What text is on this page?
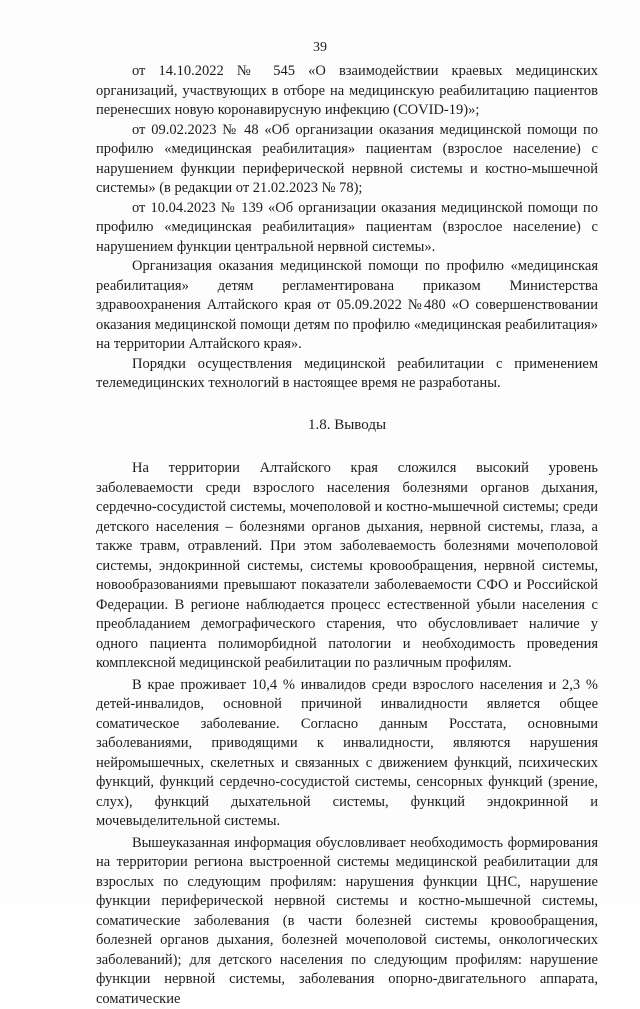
39

от 14.10.2022 № 545 «О взаимодействии краевых медицинских организаций, участвующих в отборе на медицинскую реабилитацию пациентов перенесших новую коронавирусную инфекцию (COVID-19)»;

от 09.02.2023 № 48 «Об организации оказания медицинской помощи по профилю «медицинская реабилитация» пациентам (взрослое население) с нарушением функции периферической нервной системы и костно-мышечной системы» (в редакции от 21.02.2023 № 78);

от 10.04.2023 № 139 «Об организации оказания медицинской помощи по профилю «медицинская реабилитация» пациентам (взрослое население) с нарушением функции центральной нервной системы».

Организация оказания медицинской помощи по профилю «медицинская реабилитация» детям регламентирована приказом Министерства здравоохранения Алтайского края от 05.09.2022 №480 «О совершенствовании оказания медицинской помощи детям по профилю «медицинская реабилитация» на территории Алтайского края».

Порядки осуществления медицинской реабилитации с применением телемедицинских технологий в настоящее время не разработаны.

1.8. Выводы

На территории Алтайского края сложился высокий уровень заболеваемости среди взрослого населения болезнями органов дыхания, сердечно-сосудистой системы, мочеполовой и костно-мышечной системы; среди детского населения – болезнями органов дыхания, нервной системы, глаза, а также травм, отравлений. При этом заболеваемость болезнями мочеполовой системы, эндокринной системы, системы кровообращения, нервной системы, новообразованиями превышают показатели заболеваемости СФО и Российской Федерации. В регионе наблюдается процесс естественной убыли населения с преобладанием демографического старения, что обусловливает наличие у одного пациента полиморбидной патологии и необходимость проведения комплексной медицинской реабилитации по различным профилям.

В крае проживает 10,4 % инвалидов среди взрослого населения и 2,3 % детей-инвалидов, основной причиной инвалидности является общее соматическое заболевание. Согласно данным Росстата, основными заболеваниями, приводящими к инвалидности, являются нарушения нейромышечных, скелетных и связанных с движением функций, психических функций, функций сердечно-сосудистой системы, сенсорных функций (зрение, слух), функций дыхательной системы, функций эндокринной и мочевыделительной системы.

Вышеуказанная информация обусловливает необходимость формирования на территории региона выстроенной системы медицинской реабилитации для взрослых по следующим профилям: нарушения функции ЦНС, нарушение функции периферической нервной системы и костно-мышечной системы, соматические заболевания (в части болезней системы кровообращения, болезней органов дыхания, болезней мочеполовой системы, онкологических заболеваний); для детского населения по следующим профилям: нарушение функции нервной системы, заболевания опорно-двигательного аппарата, соматические
